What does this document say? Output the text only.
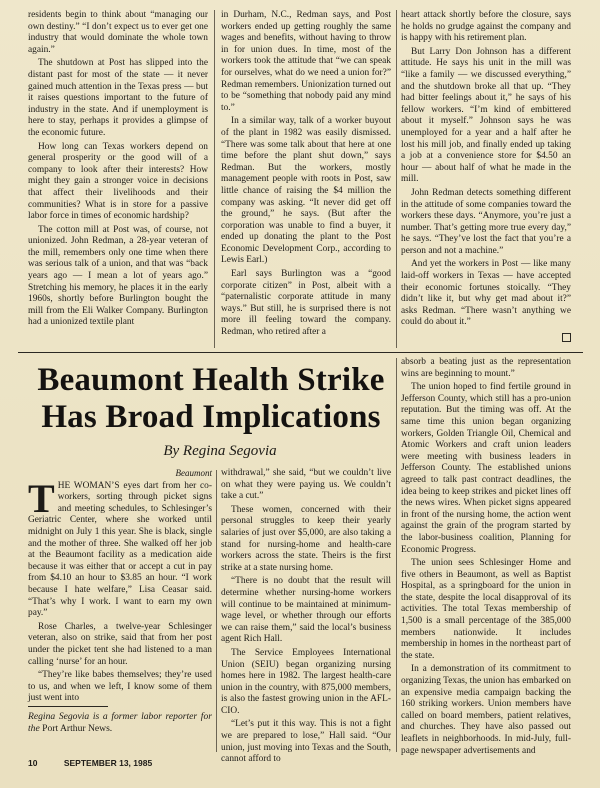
residents begin to think about “managing our own destiny.” “I don’t expect us to ever get one industry that would dominate the whole town again.”

The shutdown at Post has slipped into the distant past for most of the state — it never gained much attention in the Texas press — but it raises questions important to the future of industry in the state. And if unemployment is here to stay, perhaps it provides a glimpse of the economic future.

How long can Texas workers depend on general prosperity or the good will of a company to look after their interests? How might they gain a stronger voice in decisions that affect their livelihoods and their communities? What is in store for a passive labor force in times of economic hardship?

The cotton mill at Post was, of course, not unionized. John Redman, a 28-year veteran of the mill, remembers only one time when there was serious talk of a union, and that was “back years ago — I mean a lot of years ago.” Stretching his memory, he places it in the early 1960s, shortly before Burlington bought the mill from the Eli Walker Company. Burlington had a unionized textile plant

in Durham, N.C., Redman says, and Post workers ended up getting roughly the same wages and benefits, without having to throw in for union dues. In time, most of the workers took the attitude that “we can speak for ourselves, what do we need a union for?” Redman remembers. Unionization turned out to be “something that nobody paid any mind to.”

In a similar way, talk of a worker buyout of the plant in 1982 was easily dismissed. “There was some talk about that here at one time before the plant shut down,” says Redman. But the workers, mostly management people with roots in Post, saw little chance of raising the $4 million the company was asking. “It never did get off the ground,” he says. (But after the corporation was unable to find a buyer, it ended up donating the plant to the Post Economic Development Corp., according to Lewis Earl.)

Earl says Burlington was a “good corporate citizen” in Post, albeit with a “paternalistic corporate attitude in many ways.” But still, he is surprised there is not more ill feeling toward the company. Redman, who retired after a

heart attack shortly before the closure, says he holds no grudge against the company and is happy with his retirement plan.

But Larry Don Johnson has a different attitude. He says his unit in the mill was “like a family — we discussed everything,” and the shutdown broke all that up. “They had bitter feelings about it,” he says of his fellow workers. “I’m kind of embittered about it myself.” Johnson says he was unemployed for a year and a half after he lost his mill job, and finally ended up taking a job at a convenience store for $4.50 an hour — about half of what he made in the mill.

John Redman detects something different in the attitude of some companies toward the workers these days. “Anymore, you’re just a number. That’s getting more true every day,” he says. “They’ve lost the fact that you’re a person and not a machine.”

And yet the workers in Post — like many laid-off workers in Texas — have accepted their economic fortunes stoically. “They didn’t like it, but why get mad about it?” asks Redman. “There wasn’t anything we could do about it.”

Beaumont Health Strike Has Broad Implications
By Regina Segovia
Beaumont

THE WOMAN’S eyes dart from her co-workers, sorting through picket signs and meeting schedules, to Schlesinger’s Geriatric Center, where she worked until midnight on July 1 this year. She is black, single and the mother of three. She walked off her job at the Beaumont facility as a medication aide because it was either that or accept a cut in pay from $4.10 an hour to $3.85 an hour. “I work because I hate welfare,” Lisa Ceasar said. “That’s why I work. I want to earn my own pay.”

Rose Charles, a twelve-year Schlesinger veteran, also on strike, said that from her post under the picket tent she had listened to a man calling ‘nurse’ for an hour.

“They’re like babes themselves; they’re used to us, and when we left, I know some of them just went into

Regina Segovia is a former labor reporter for the Port Arthur News.

withdrawal,” she said, “but we couldn’t live on what they were paying us. We couldn’t take a cut.”

These women, concerned with their personal struggles to keep their yearly salaries of just over $5,000, are also taking a stand for nursing-home and health-care workers across the state. Theirs is the first strike at a state nursing home.

“There is no doubt that the result will determine whether nursing-home workers will continue to be maintained at minimum-wage level, or whether through our efforts we can raise them,” said the local’s business agent Rich Hall.

The Service Employees International Union (SEIU) began organizing nursing homes here in 1982. The largest health-care union in the country, with 875,000 members, is also the fastest growing union in the AFL-CIO.

“Let’s put it this way. This is not a fight we are prepared to lose,” Hall said. “Our union, just moving into Texas and the South, cannot afford to

absorb a beating just as the representation wins are beginning to mount.”

The union hoped to find fertile ground in Jefferson County, which still has a pro-union reputation. But the timing was off. At the same time this union began organizing workers, Golden Triangle Oil, Chemical and Atomic Workers and craft union leaders were meeting with business leaders in Jefferson County. The established unions agreed to talk past contract deadlines, the idea being to keep strikes and picket lines off the news wires. When picket signs appeared in front of the nursing home, the action went against the grain of the program started by the labor-business coalition, Planning for Economic Progress.

The union sees Schlesinger Home and five others in Beaumont, as well as Baptist Hospital, as a springboard for the union in the state, despite the local disapproval of its activities. The total Texas membership of 1,500 is a small percentage of the 385,000 members nationwide. It includes membership in homes in the northeast part of the state.

In a demonstration of its commitment to organizing Texas, the union has embarked on an expensive media campaign backing the 160 striking workers. Union members have called on board members, patient relatives, and churches. They have also passed out leaflets in neighborhoods. In mid-July, full-page newspaper advertisements and

10	SEPTEMBER 13, 1985
